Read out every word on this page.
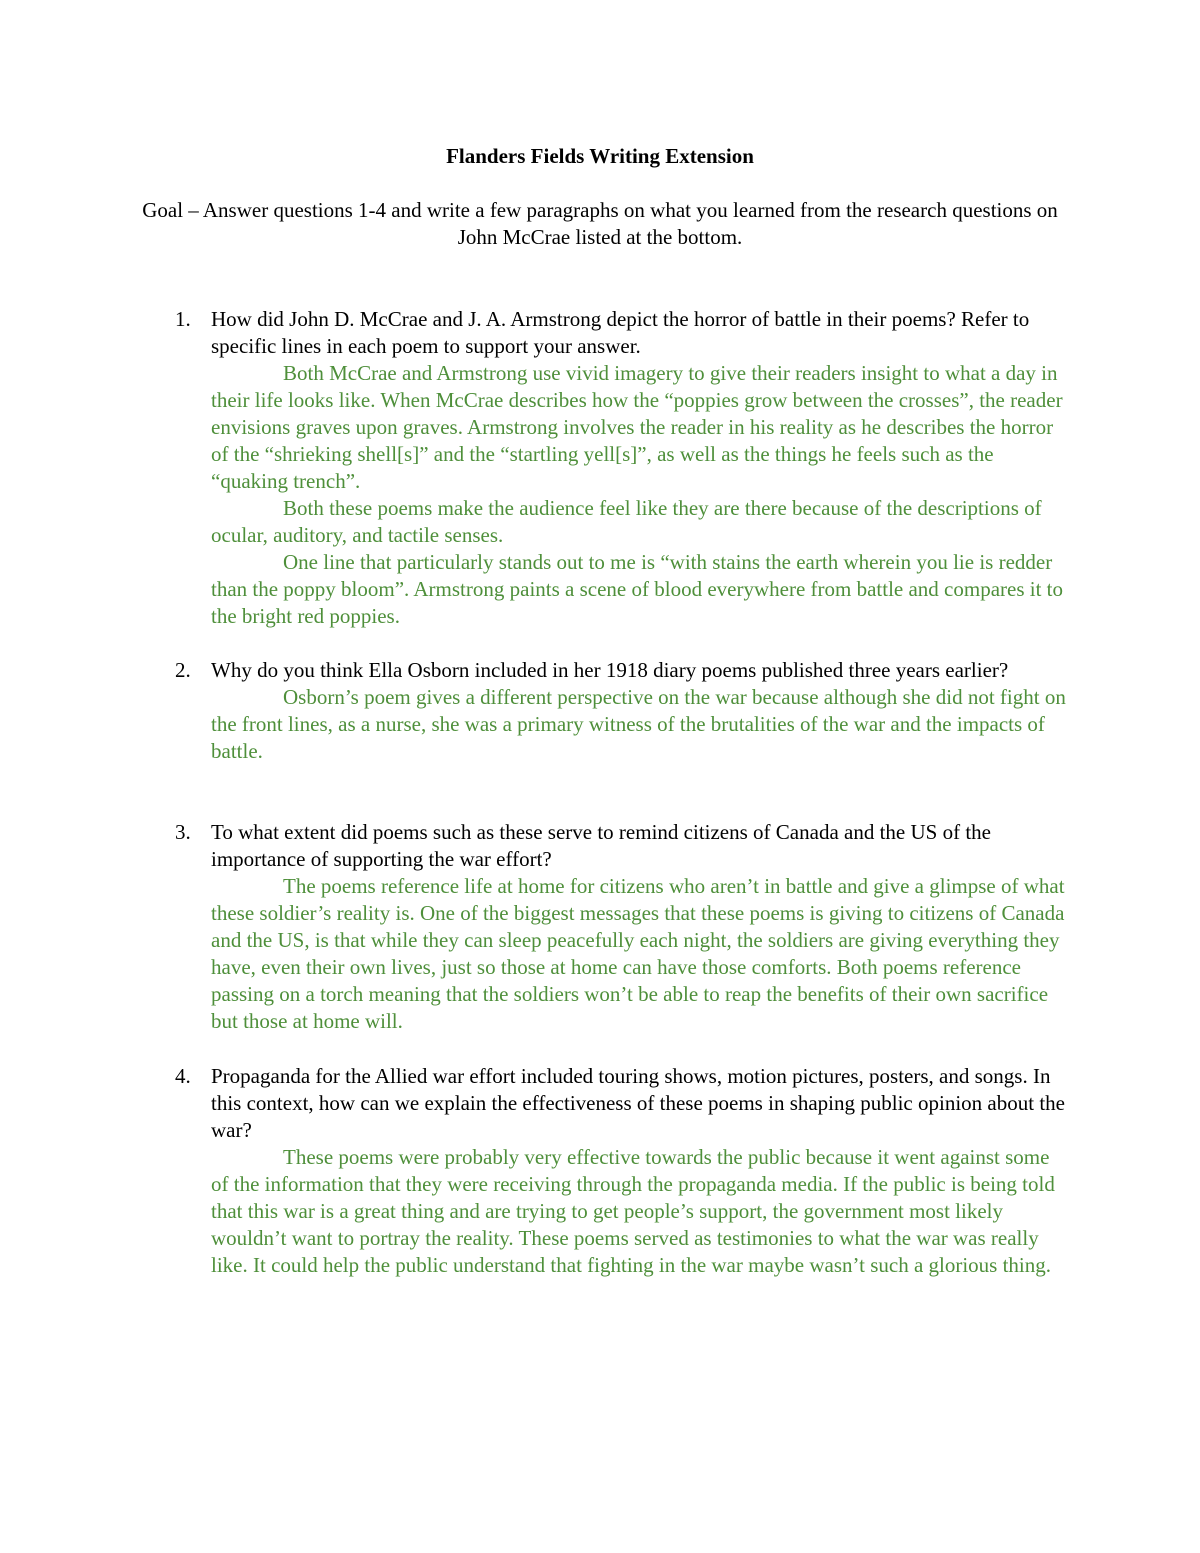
Flanders Fields Writing Extension
Goal – Answer questions 1-4 and write a few paragraphs on what you learned from the research questions on John McCrae listed at the bottom.
1. How did John D. McCrae and J. A. Armstrong depict the horror of battle in their poems? Refer to specific lines in each poem to support your answer.

Both McCrae and Armstrong use vivid imagery to give their readers insight to what a day in their life looks like. When McCrae describes how the “poppies grow between the crosses”, the reader envisions graves upon graves. Armstrong involves the reader in his reality as he describes the horror of the “shrieking shell[s]” and the “startling yell[s]”, as well as the things he feels such as the “quaking trench”.

Both these poems make the audience feel like they are there because of the descriptions of ocular, auditory, and tactile senses.

One line that particularly stands out to me is “with stains the earth wherein you lie is redder than the poppy bloom”. Armstrong paints a scene of blood everywhere from battle and compares it to the bright red poppies.

2. Why do you think Ella Osborn included in her 1918 diary poems published three years earlier?

Osborn’s poem gives a different perspective on the war because although she did not fight on the front lines, as a nurse, she was a primary witness of the brutalities of the war and the impacts of battle.

3. To what extent did poems such as these serve to remind citizens of Canada and the US of the importance of supporting the war effort?

The poems reference life at home for citizens who aren’t in battle and give a glimpse of what these soldier’s reality is. One of the biggest messages that these poems is giving to citizens of Canada and the US, is that while they can sleep peacefully each night, the soldiers are giving everything they have, even their own lives, just so those at home can have those comforts. Both poems reference passing on a torch meaning that the soldiers won’t be able to reap the benefits of their own sacrifice but those at home will.

4. Propaganda for the Allied war effort included touring shows, motion pictures, posters, and songs. In this context, how can we explain the effectiveness of these poems in shaping public opinion about the war?

These poems were probably very effective towards the public because it went against some of the information that they were receiving through the propaganda media. If the public is being told that this war is a great thing and are trying to get people’s support, the government most likely wouldn’t want to portray the reality. These poems served as testimonies to what the war was really like. It could help the public understand that fighting in the war maybe wasn’t such a glorious thing.
